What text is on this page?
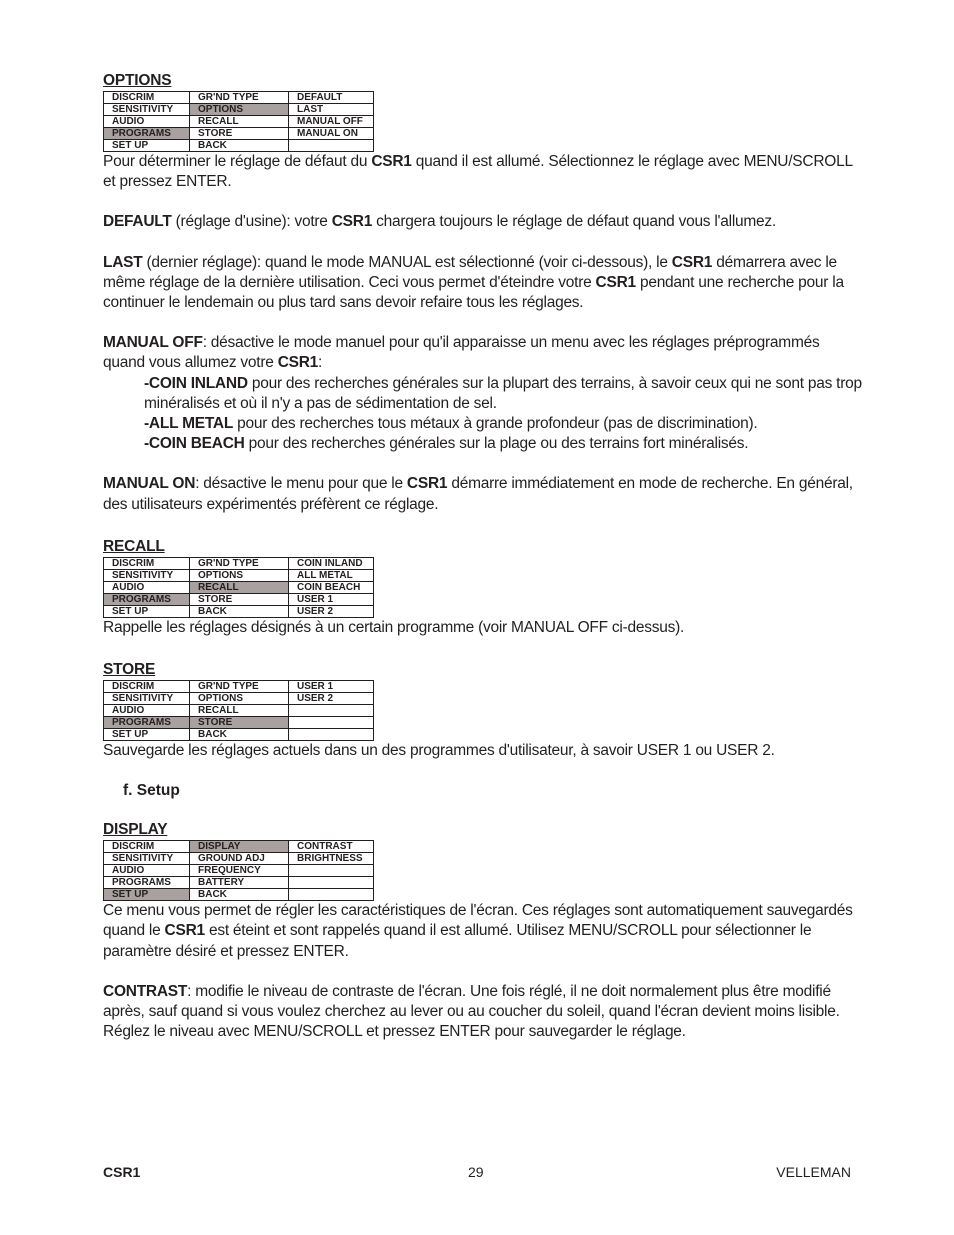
OPTIONS
DISCRIM	GR'ND TYPE	DEFAULT
SENSITIVITY	OPTIONS	LAST
AUDIO	RECALL	MANUAL OFF
PROGRAMS	STORE	MANUAL ON
SET UP	BACK	

Pour déterminer le réglage de défaut du CSR1 quand il est allumé. Sélectionnez le réglage avec MENU/SCROLL et pressez ENTER.

DEFAULT (réglage d'usine): votre CSR1 chargera toujours le réglage de défaut quand vous l'allumez.

LAST (dernier réglage): quand le mode MANUAL est sélectionné (voir ci-dessous), le CSR1 démarrera avec le même réglage de la dernière utilisation. Ceci vous permet d'éteindre votre CSR1 pendant une recherche pour la continuer le lendemain ou plus tard sans devoir refaire tous les réglages.

MANUAL OFF: désactive le mode manuel pour qu'il apparaisse un menu avec les réglages préprogrammés quand vous allumez votre CSR1:

-COIN INLAND pour des recherches générales sur la plupart des terrains, à savoir ceux qui ne sont pas trop minéralisés et où il n'y a pas de sédimentation de sel.

-ALL METAL pour des recherches tous métaux à grande profondeur (pas de discrimination).

-COIN BEACH pour des recherches générales sur la plage ou des terrains fort minéralisés.

MANUAL ON: désactive le menu pour que le CSR1 démarre immédiatement en mode de recherche. En général, des utilisateurs expérimentés préfèrent ce réglage.

RECALL
DISCRIM	GR'ND TYPE	COIN INLAND
SENSITIVITY	OPTIONS	ALL METAL
AUDIO	RECALL	COIN BEACH
PROGRAMS	STORE	USER 1
SET UP	BACK	USER 2

Rappelle les réglages désignés à un certain programme (voir MANUAL OFF ci-dessus).

STORE
DISCRIM	GR'ND TYPE	USER 1
SENSITIVITY	OPTIONS	USER 2
AUDIO	RECALL	
PROGRAMS	STORE	
SET UP	BACK	

Sauvegarde les réglages actuels dans un des programmes d'utilisateur, à savoir USER 1 ou USER 2.

f. Setup

DISPLAY
DISCRIM	DISPLAY	CONTRAST
SENSITIVITY	GROUND ADJ	BRIGHTNESS
AUDIO	FREQUENCY	
PROGRAMS	BATTERY	
SET UP	BACK	

Ce menu vous permet de régler les caractéristiques de l'écran. Ces réglages sont automatiquement sauvegardés quand le CSR1 est éteint et sont rappelés quand il est allumé. Utilisez MENU/SCROLL pour sélectionner le paramètre désiré et pressez ENTER.

CONTRAST: modifie le niveau de contraste de l'écran. Une fois réglé, il ne doit normalement plus être modifié après, sauf quand si vous voulez cherchez au lever ou au coucher du soleil, quand l'écran devient moins lisible. Réglez le niveau avec MENU/SCROLL et pressez ENTER pour sauvegarder le réglage.

CSR1	29	VELLEMAN
